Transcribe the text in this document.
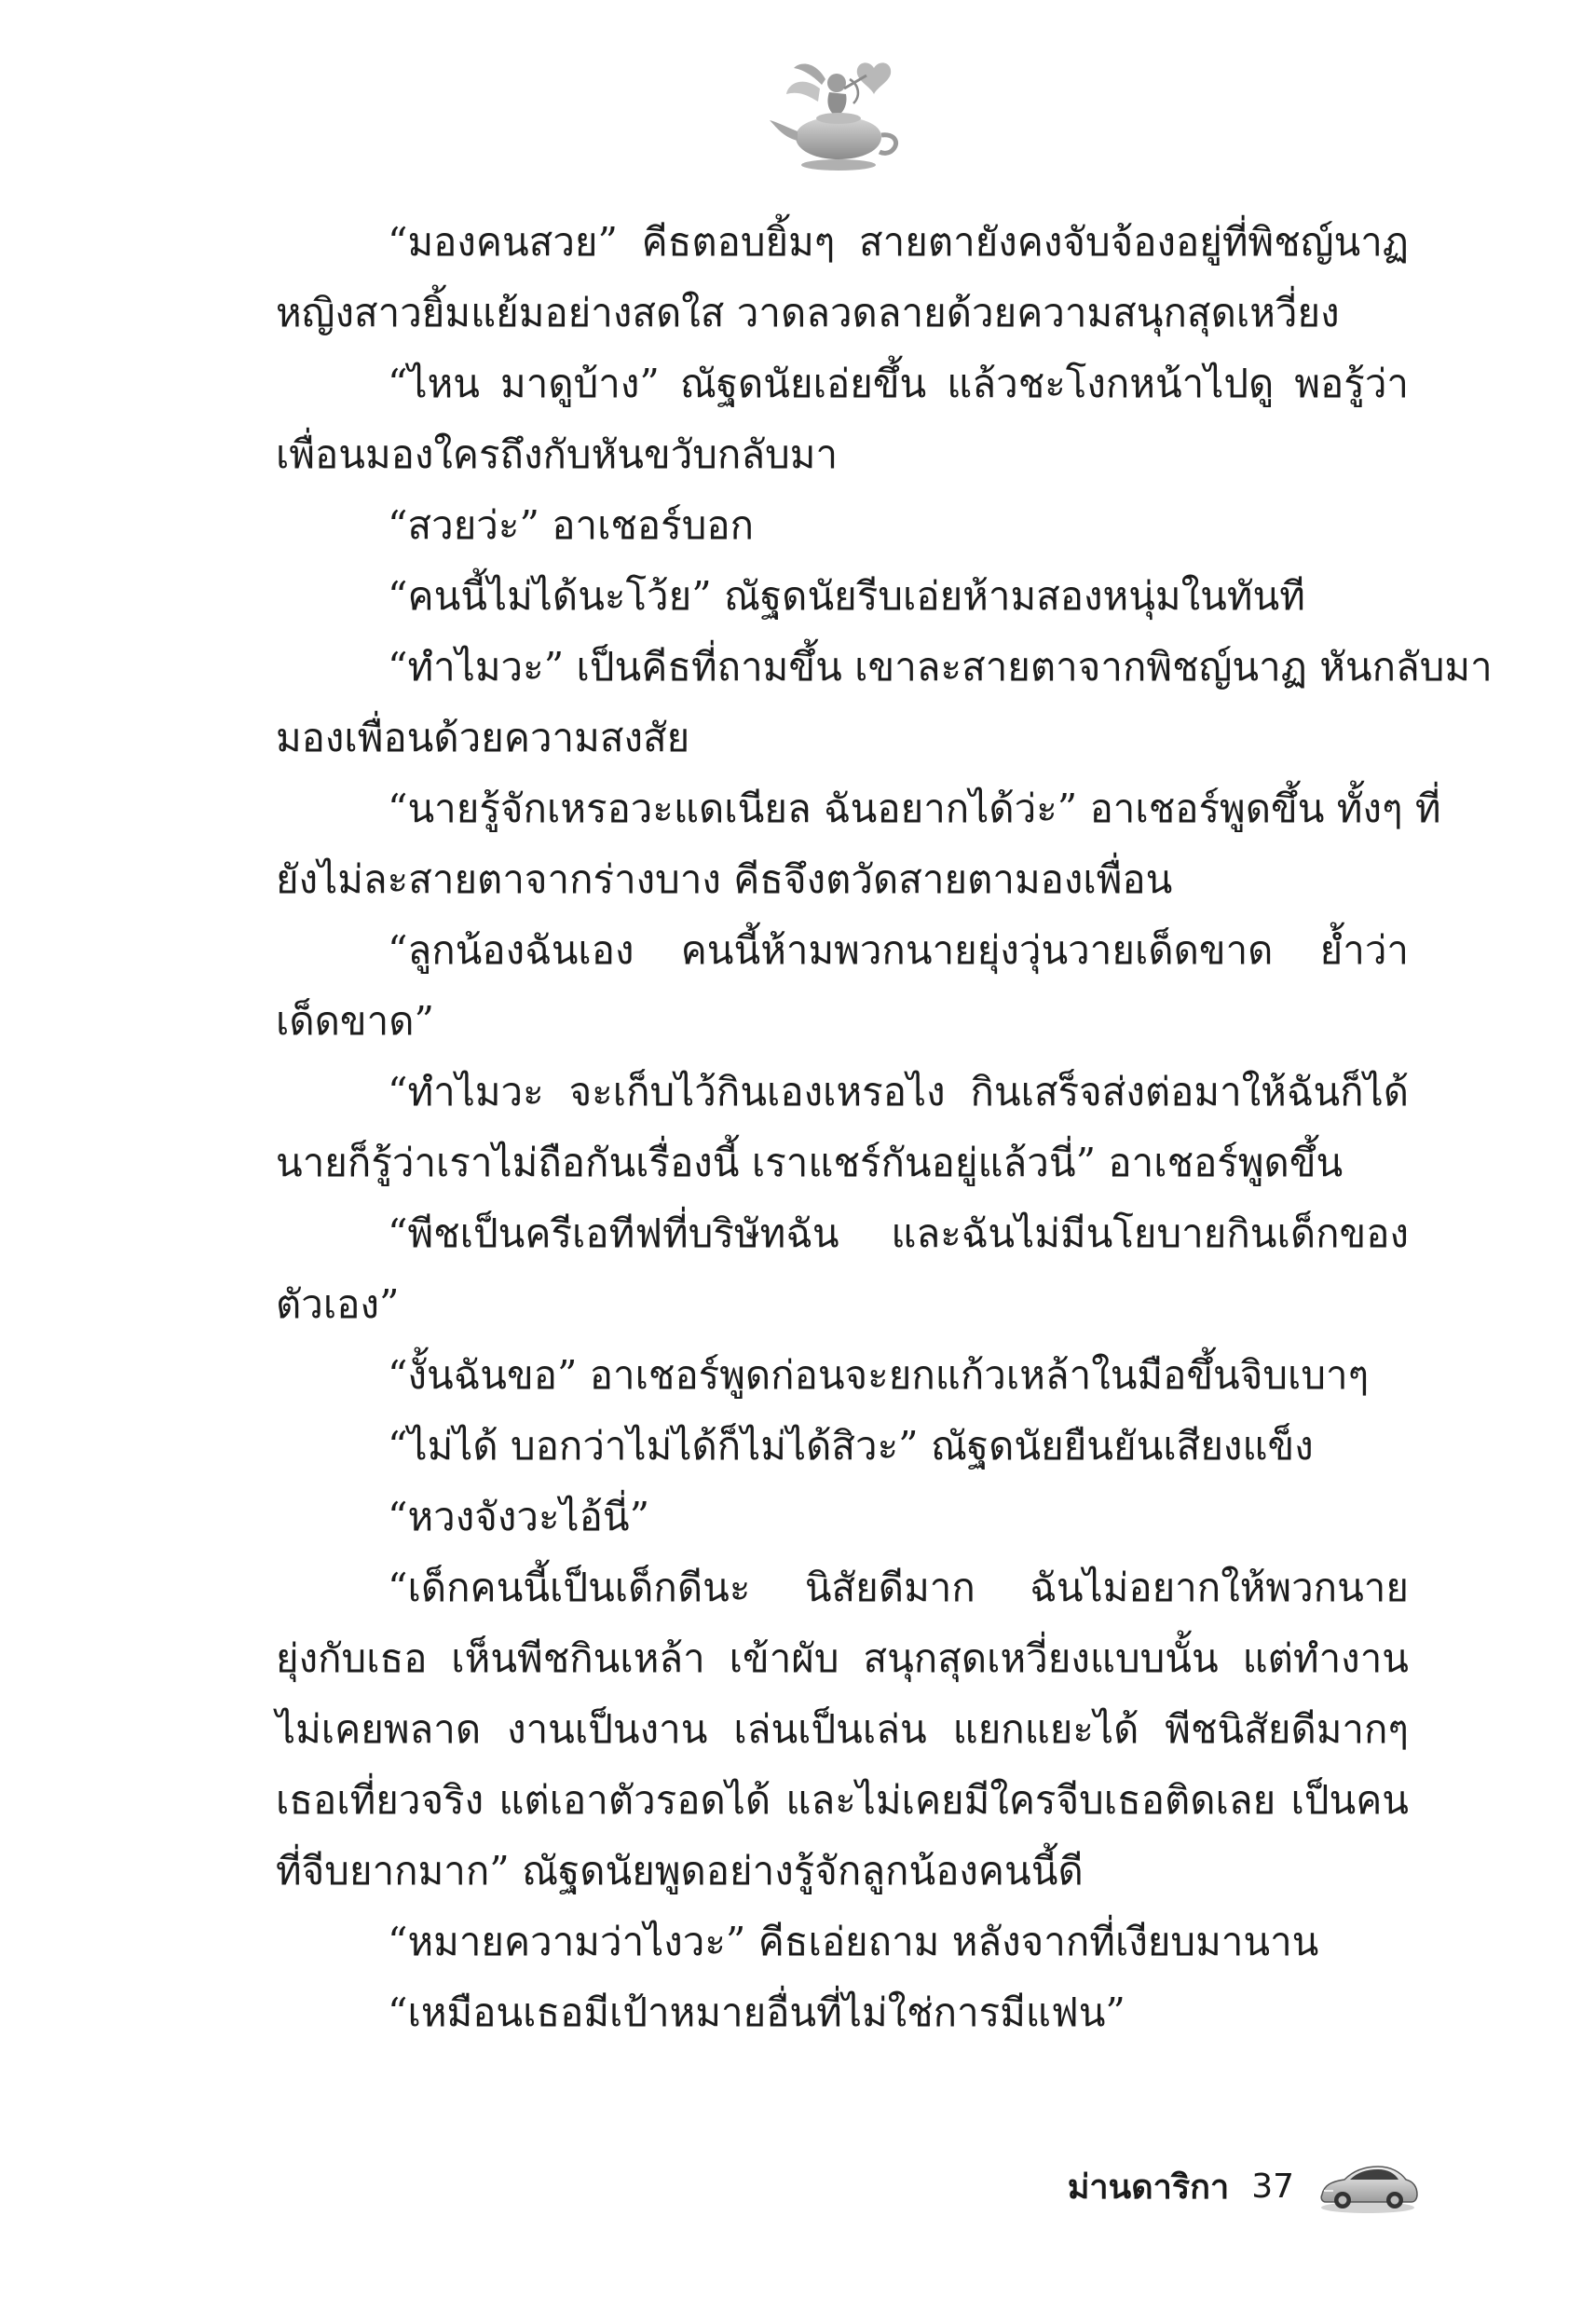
“มองคนสวย” คีธตอบยิ้มๆ สายตายังคงจับจ้องอยู่ที่พิชญ์นาฏ
หญิงสาวยิ้มแย้มอย่างสดใส วาดลวดลายด้วยความสนุกสุดเหวี่ยง
“ไหน มาดูบ้าง” ณัฐดนัยเอ่ยขึ้น แล้วชะโงกหน้าไปดู พอรู้ว่า
เพื่อนมองใครถึงกับหันขวับกลับมา
“สวยว่ะ” อาเชอร์บอก
“คนนี้ไม่ได้นะโว้ย” ณัฐดนัยรีบเอ่ยห้ามสองหนุ่มในทันที
“ทำไมวะ” เป็นคีธที่ถามขึ้น เขาละสายตาจากพิชญ์นาฏ หันกลับมา
มองเพื่อนด้วยความสงสัย
“นายรู้จักเหรอวะแดเนียล ฉันอยากได้ว่ะ” อาเชอร์พูดขึ้น ทั้งๆ ที่
ยังไม่ละสายตาจากร่างบาง คีธจึงตวัดสายตามองเพื่อน
“ลูกน้องฉันเอง คนนี้ห้ามพวกนายยุ่งวุ่นวายเด็ดขาด ย้ำว่า
เด็ดขาด”
“ทำไมวะ จะเก็บไว้กินเองเหรอไง กินเสร็จส่งต่อมาให้ฉันก็ได้
นายก็รู้ว่าเราไม่ถือกันเรื่องนี้ เราแชร์กันอยู่แล้วนี่” อาเชอร์พูดขึ้น
“พีชเป็นครีเอทีฟที่บริษัทฉัน และฉันไม่มีนโยบายกินเด็กของ
ตัวเอง”
“งั้นฉันขอ” อาเชอร์พูดก่อนจะยกแก้วเหล้าในมือขึ้นจิบเบาๆ
“ไม่ได้ บอกว่าไม่ได้ก็ไม่ได้สิวะ” ณัฐดนัยยืนยันเสียงแข็ง
“หวงจังวะไอ้นี่”
“เด็กคนนี้เป็นเด็กดีนะ นิสัยดีมาก ฉันไม่อยากให้พวกนาย
ยุ่งกับเธอ เห็นพีชกินเหล้า เข้าผับ สนุกสุดเหวี่ยงแบบนั้น แต่ทำงาน
ไม่เคยพลาด งานเป็นงาน เล่นเป็นเล่น แยกแยะได้ พีชนิสัยดีมากๆ
เธอเที่ยวจริง แต่เอาตัวรอดได้ และไม่เคยมีใครจีบเธอติดเลย เป็นคน
ที่จีบยากมาก” ณัฐดนัยพูดอย่างรู้จักลูกน้องคนนี้ดี
“หมายความว่าไงวะ” คีธเอ่ยถาม หลังจากที่เงียบมานาน
“เหมือนเธอมีเป้าหมายอื่นที่ไม่ใช่การมีแฟน”
ม่านดาริกา 37
